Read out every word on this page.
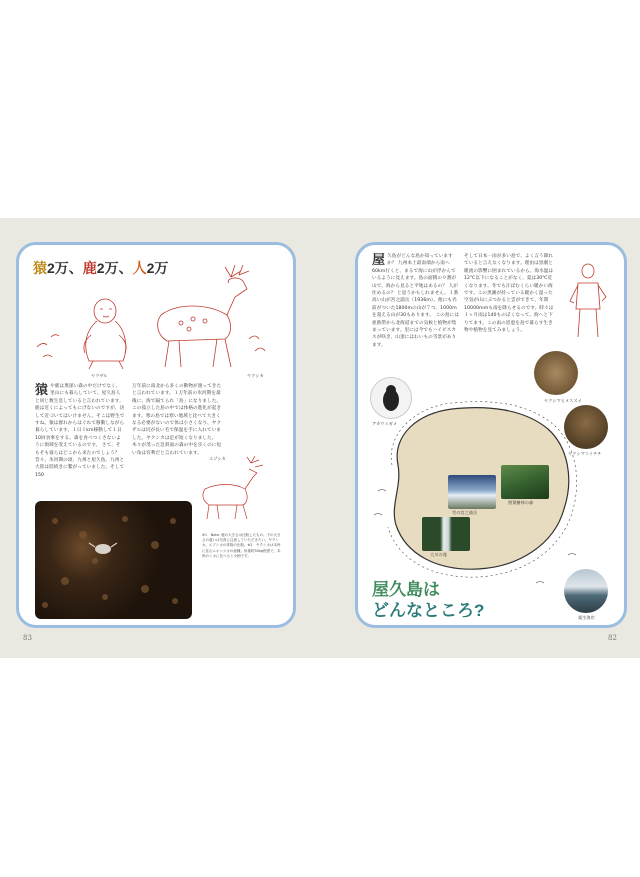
猿2万、鹿2万、人2万
ヤクザル	ヤクシカ
猿や鹿は奥深い森の中だけでなく、里山にも暮らしていて、屋久島人と同じ数生息していると言われています。鹿は近くによってもにげないのですが、決して近づいてはいけません。そこは野生ですね。猿は群れからはぐれて移動しながら暮らしています。１日１km移動して１日10回食事をする。森を食べつくさないように領域を変えているのです。 さて、そもそも彼らはどこから来たのでしょう？ 昔々、氷河期の頃、九州と屋久島、九州と大陸は陸続きに繋がっていました。そして150
万年前に南北から多くの動物が渡ってきたと言われています。１万年前の氷河期を最後に、海で隔てられ「島」になりました。この孤立した島の中では体格の進化が起きます。寒の島では寒い地域と比べて大きくなる必要がないので体は小さくなり、ヤクザルは尻が長い毛で保温を手に入れていました。ヤクシカは足が短くなりました。木々が茂った急斜面の森の中を歩くのに短い角は有利だと言われています。
エゾシカ
※1　Note. 鹿の大きさは比較したもの。下の大きさの違いは写真に注意していただきたい。ヤクシカ、エゾシカの体格の比較。※2　ヤクシカは本州に住むニホンジカの亜種。体重約30kg程度で、本州のシカに比べると小柄です。
83
屋久島がどんな島か知っていますか？ 九州本土最南端から南へ60km行くと、まるで海に山が浮かんでいるように見えます。島の面積の９割が山で、海から見ると平地はあるの？ 人が住めるの？ と思うかもしれません。１番高い山が宮之浦岳（1936m）。他にも名前がついた1800mの山が７つ、1000mを超える山が30もあります。 この島には亜熱帯から北海道までの気候と植物が集まっています。里には今でもハイビスカスが咲き、山頂にはわいもの雪景があります。
そして日本一雨が多い島で、よく言う降れていると言えなくなります。理由は黒潮と暖流の影響に囲まれているから。海水温は12℃以下になることがなく、夏は30℃近くなります。冬でも汗ばむくらい暖かい海です。この黒潮が持っている暖かく湿った空気が山にぶつかると雲ができて、年間10000mmも雨を降らせるのです。時々は１ヶ月雨は140ものぼくなって。海へと下りてます。この雨の恩恵を島で暮らす生き物や植物を見てみましょう。
アカウミガメ
ヤクシマヒメスズメ
ヤクシマコイチチ
栗生海岸
雪の宮之浦岳
照葉樹林の森
大川の滝
屋久島は
どんなところ?
82
